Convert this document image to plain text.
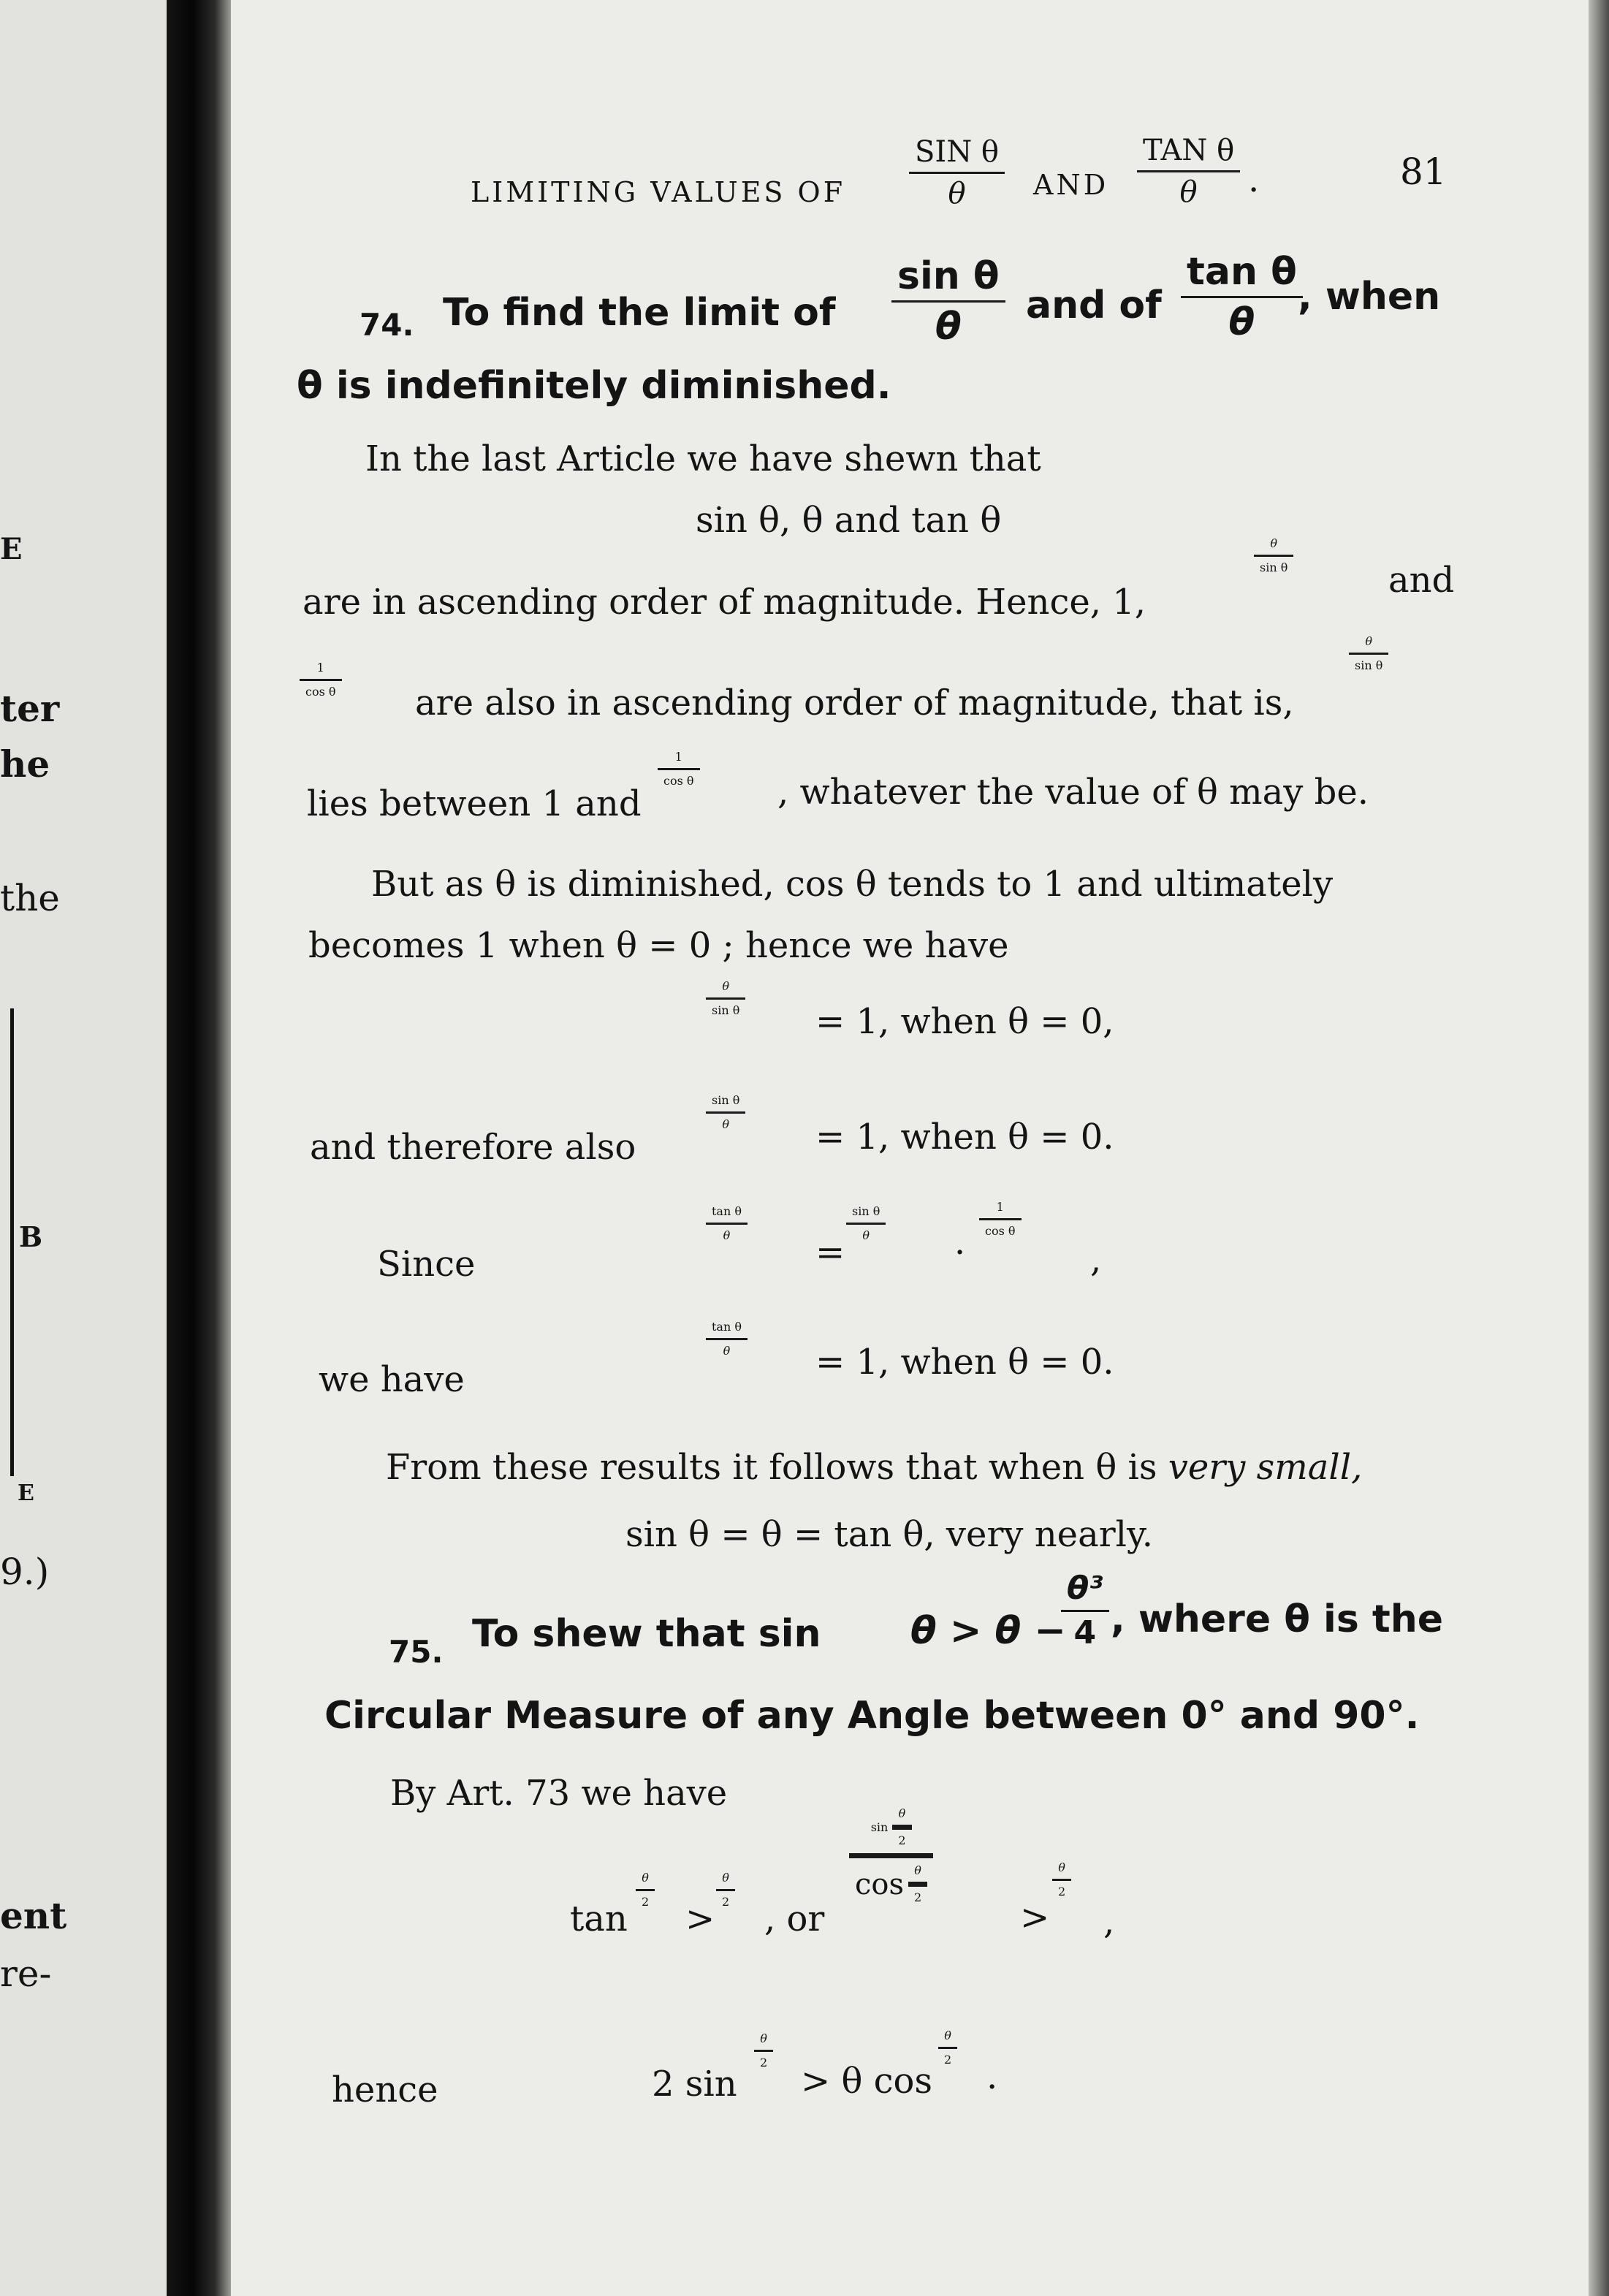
E
ter
he
the
B
E
9.)
ent
re-
LIMITING VALUES OF
SIN θ
θ AND
TAN θ
θ .	81
74. To find the limit of
sin θ
θ and of
tan θ
θ
, when
θ is indefinitely diminished.
In the last Article we have shewn that
sin θ, θ and tan θ
are in ascending order of magnitude. Hence, 1,
θ
sin θ	and
1
cos θ are also in ascending order of magnitude, that is,
θ
sin θ
lies between 1 and
1
cos θ , whatever the value of θ may be.
But as θ is diminished, cos θ tends to 1 and ultimately
becomes 1 when θ = 0 ; hence we have
θ
sin θ = 1, when θ = 0,
and therefore also
sin θ
θ = 1, when θ = 0.
Since
tan θ
θ =
sin θ
θ ·
1
cos θ
,
we have
tan θ
θ = 1, when θ = 0.
From these results it follows that when θ is very small,
sin θ = θ = tan θ, very nearly.
75. To shew that sin θ > θ −
θ³
4 , where θ is the
Circular Measure of any Angle between 0° and 90°.
By Art. 73 we have
tan
θ
2 >
θ
2 , or
sin
θ
2
cos θ
2	>
θ
2
,
hence	2 sin
θ
2 > θ cos
θ
2 .
